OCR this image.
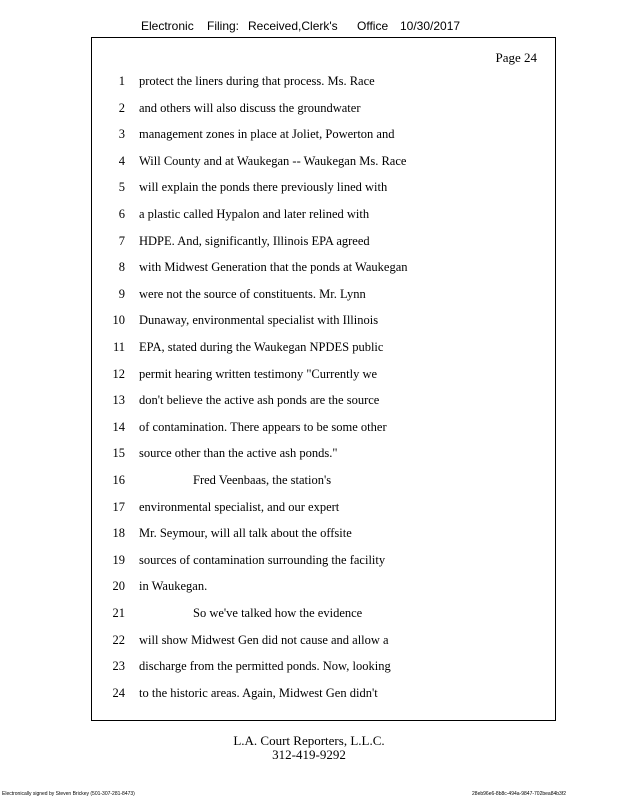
Electronic Filing: Received,Clerk's Office 10/30/2017
Page 24
1 protect the liners during that process. Ms. Race
2 and others will also discuss the groundwater
3 management zones in place at Joliet, Powerton and
4 Will County and at Waukegan -- Waukegan Ms. Race
5 will explain the ponds there previously lined with
6 a plastic called Hypalon and later relined with
7 HDPE. And, significantly, Illinois EPA agreed
8 with Midwest Generation that the ponds at Waukegan
9 were not the source of constituents. Mr. Lynn
10 Dunaway, environmental specialist with Illinois
11 EPA, stated during the Waukegan NPDES public
12 permit hearing written testimony "Currently we
13 don't believe the active ash ponds are the source
14 of contamination. There appears to be some other
15 source other than the active ash ponds."
16	Fred Veenbaas, the station's
17 environmental specialist, and our expert
18 Mr. Seymour, will all talk about the offsite
19 sources of contamination surrounding the facility
20 in Waukegan.
21	So we've talked how the evidence
22 will show Midwest Gen did not cause and allow a
23 discharge from the permitted ponds. Now, looking
24 to the historic areas. Again, Midwest Gen didn't
L.A. Court Reporters, L.L.C.
312-419-9292
Electronically signed by Steven Brickey (501-307-281-8473)	28eb96e6-8b8c-494a-9847-702bea84b3f2
